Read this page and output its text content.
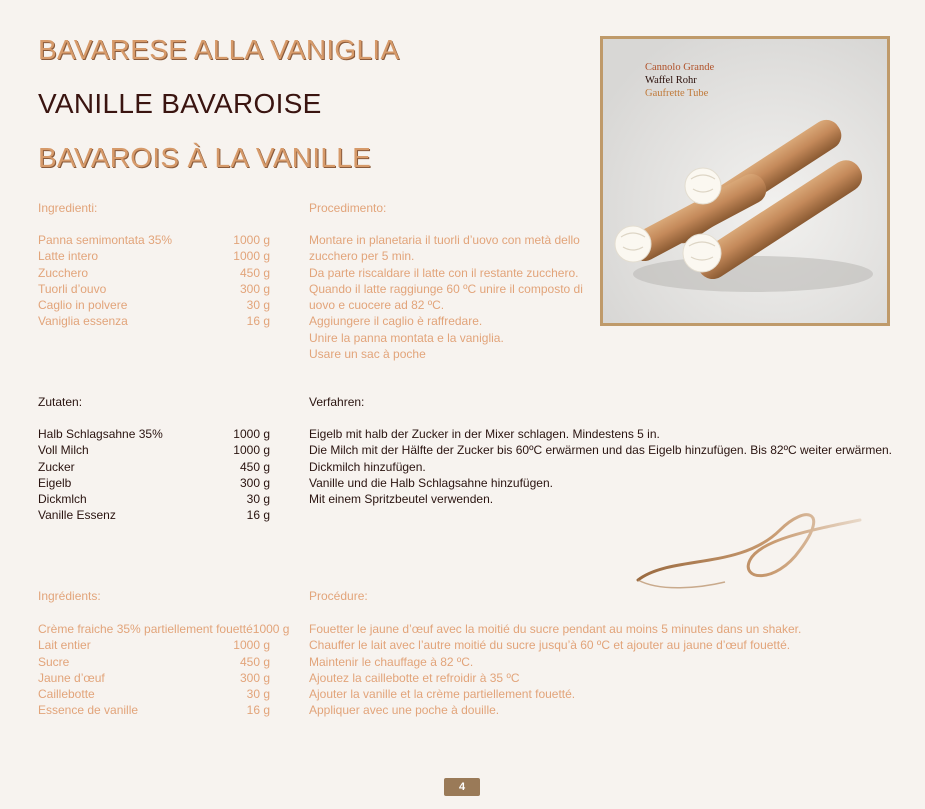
BAVARESE ALLA VANIGLIA
VANILLE BAVAROISE
BAVAROIS À LA VANILLE
Cannolo Grande
Waffel Rohr
Gaufrette Tube
Ingredienti:	Procedimento:
Panna semimontata 35%	1000 g
Latte intero	1000 g
Zucchero	450 g
Tuorli d’ouvo	300 g
Caglio in polvere	30 g
Vaniglia essenza	16 g
Montare in planetaria il tuorli d’uovo con metà dello
zucchero per 5 min.
Da parte riscaldare il latte con il restante zucchero.
Quando il latte raggiunge 60 ºC unire il composto di
uovo e cuocere ad 82 ºC.
Aggiungere il caglio è raffredare.
Unire la panna montata e la vaniglia.
Usare un sac à poche
Zutaten:	Verfahren:
Halb Schlagsahne 35%	1000 g
Voll Milch	1000 g
Zucker	450 g
Eigelb	300 g
Dickmlch	30 g
Vanille Essenz	16 g
Eigelb mit halb der Zucker in der Mixer schlagen. Mindestens 5 in.
Die Milch mit der Hälfte der Zucker bis 60ºC erwärmen und das Eigelb hinzufügen. Bis 82ºC weiter erwärmen.
Dickmilch hinzufügen.
Vanille und die Halb Schlagsahne hinzufügen.
Mit einem Spritzbeutel verwenden.
Ingrédients:	Procédure:
Crème fraiche 35% partiellement fouetté 1000 g
Lait entier	1000 g
Sucre	450 g
Jaune d’œuf	300 g
Caillebotte	30 g
Essence de vanille	16 g
Fouetter le jaune d’œuf avec la moitié du sucre pendant au moins 5 minutes dans un shaker.
Chauffer le lait avec l’autre moitié du sucre jusqu’à 60 ºC et ajouter au jaune d’œuf fouetté.
Maintenir le chauffage à 82 ºC.
Ajoutez la caillebotte et refroidir à 35 ºC
Ajouter la vanille et la crème partiellement fouetté.
Appliquer avec une poche à douille.
4
